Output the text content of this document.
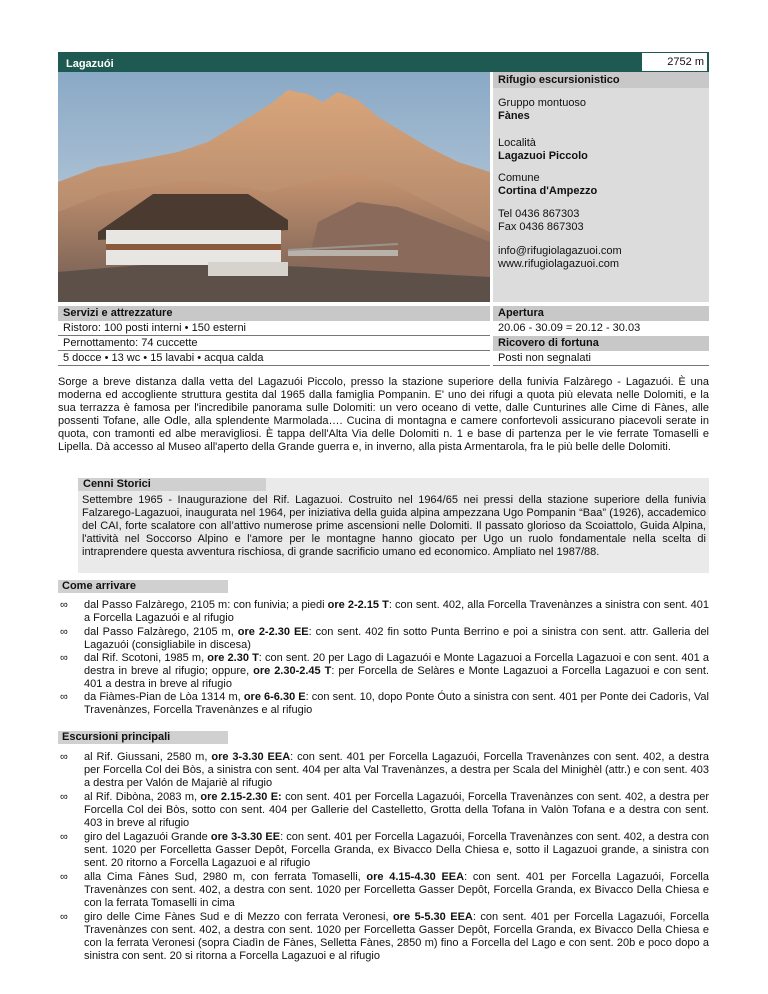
Lagazuói	2752 m
Rifugio escursionistico
Gruppo montuoso
Fànes
Località
Lagazuoi Piccolo
Comune
Cortina d'Ampezzo
Tel 0436 867303
Fax 0436 867303
info@rifugiolagazuoi.com
www.rifugiolagazuoi.com
Servizi e attrezzature
Ristoro: 100 posti interni • 150 esterni
Pernottamento: 74 cuccette
5 docce • 13 wc • 15 lavabi • acqua calda
Apertura
20.06 - 30.09 = 20.12 - 30.03
Ricovero di fortuna
Posti non segnalati
Sorge a breve distanza dalla vetta del Lagazuói Piccolo, presso la stazione superiore della funivia Falzàrego - Lagazuói. È una moderna ed accogliente struttura gestita dal 1965 dalla famiglia Pompanin. E' uno dei rifugi a quota più elevata nelle Dolomiti, e la sua terrazza è famosa per l'incredibile panorama sulle Dolomiti: un vero oceano di vette, dalle Cunturines alle Cime di Fànes, alle possenti Tofane, alle Odle, alla splendente Marmolada…. Cucina di montagna e camere confortevoli assicurano piacevoli serate in quota, con tramonti ed albe meravigliosi. È tappa dell'Alta Via delle Dolomiti n. 1 e base di partenza per le vie ferrate Tomaselli e Lipella. Dà accesso al Museo all'aperto della Grande guerra e, in inverno, alla pista Armentarola, fra le più belle delle Dolomiti.
Cenni Storici
Settembre 1965 - Inaugurazione del Rif. Lagazuoi. Costruito nel 1964/65 nei pressi della stazione superiore della funivia Falzarego-Lagazuoi, inaugurata nel 1964, per iniziativa della guida alpina ampezzana Ugo Pompanin “Baa” (1926), accademico del CAI, forte scalatore con all’attivo numerose prime ascensioni nelle Dolomiti. Il passato glorioso da Scoiattolo, Guida Alpina, l'attività nel Soccorso Alpino e l'amore per le montagne hanno giocato per Ugo un ruolo fondamentale nella scelta di intraprendere questa avventura rischiosa, di grande sacrificio umano ed economico. Ampliato nel 1987/88.
Come arrivare
∞ dal Passo Falzàrego, 2105 m: con funivia; a piedi ore 2-2.15 T: con sent. 402, alla Forcella Travenànzes a sinistra con sent. 401 a Forcella Lagazuói e al rifugio
∞ dal Passo Falzàrego, 2105 m, ore 2-2.30 EE: con sent. 402 fin sotto Punta Berrino e poi a sinistra con sent. attr. Galleria del Lagazuói (consigliabile in discesa)
∞ dal Rif. Scotoni, 1985 m, ore 2.30 T: con sent. 20 per Lago di Lagazuói e Monte Lagazuoi a Forcella Lagazuoi e con sent. 401 a destra in breve al rifugio; oppure, ore 2.30-2.45 T: per Forcella de Selàres e Monte Lagazuoi a Forcella Lagazuoi e con sent. 401 a destra in breve al rifugio
∞ da Fiàmes-Pian de Lòa 1314 m, ore 6-6.30 E: con sent. 10, dopo Ponte Óuto a sinistra con sent. 401 per Ponte dei Cadorìs, Val Travenànzes, Forcella Travenànzes e al rifugio
Escursioni principali
∞ al Rif. Giussani, 2580 m, ore 3-3.30 EEA: con sent. 401 per Forcella Lagazuói, Forcella Travenànzes con sent. 402, a destra per Forcella Col dei Bòs, a sinistra con sent. 404 per alta Val Travenànzes, a destra per Scala del Minighèl (attr.) e con sent. 403 a destra per Valón de Majariè al rifugio
∞ al Rif. Dibòna, 2083 m, ore 2.15-2.30 E: con sent. 401 per Forcella Lagazuói, Forcella Travenànzes con sent. 402, a destra per Forcella Col dei Bòs, sotto con sent. 404 per Gallerie del Castelletto, Grotta della Tofana in Valòn Tofana e a destra con sent. 403 in breve al rifugio
∞ giro del Lagazuói Grande ore 3-3.30 EE: con sent. 401 per Forcella Lagazuói, Forcella Travenànzes con sent. 402, a destra con sent. 1020 per Forcelletta Gasser Depôt, Forcella Granda, ex Bivacco Della Chiesa e, sotto il Lagazuoi grande, a sinistra con sent. 20 ritorno a Forcella Lagazuoi e al rifugio
∞ alla Cima Fànes Sud, 2980 m, con ferrata Tomaselli, ore 4.15-4.30 EEA: con sent. 401 per Forcella Lagazuói, Forcella Travenànzes con sent. 402, a destra con sent. 1020 per Forcelletta Gasser Depôt, Forcella Granda, ex Bivacco Della Chiesa e con la ferrata Tomaselli in cima
∞ giro delle Cime Fànes Sud e di Mezzo con ferrata Veronesi, ore 5-5.30 EEA: con sent. 401 per Forcella Lagazuói, Forcella Travenànzes con sent. 402, a destra con sent. 1020 per Forcelletta Gasser Depôt, Forcella Granda, ex Bivacco Della Chiesa e con la ferrata Veronesi (sopra Ciadìn de Fànes, Selletta Fànes, 2850 m) fino a Forcella del Lago e con sent. 20b e poco dopo a sinistra con sent. 20 si ritorna a Forcella Lagazuoi e al rifugio
